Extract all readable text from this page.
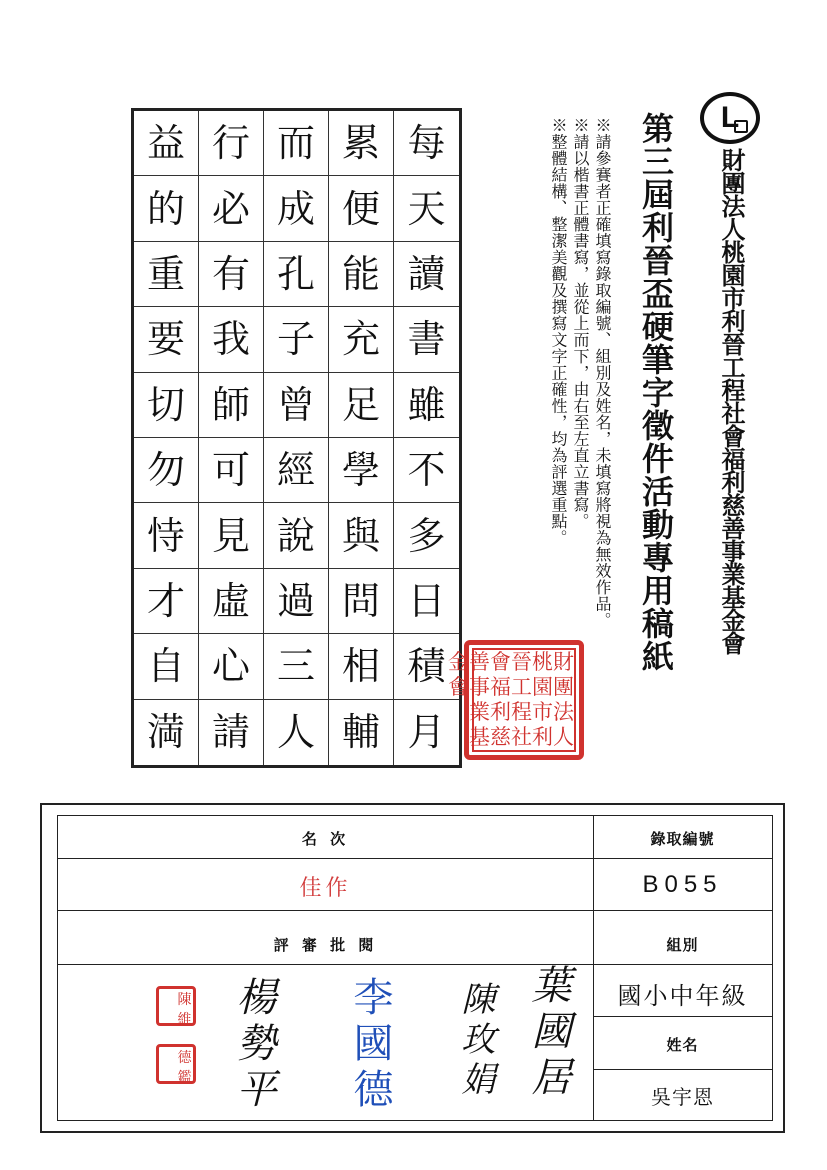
每
天
讀
書
雖
不
多
日
積
月
累
便
能
充
足
學
與
問
相
輔
而
成
孔
子
曾
經
說
過
三
人
行
必
有
我
師
可
見
虛
心
請
益
的
重
要
切
勿
恃
才
自
満
財
團
法
人
桃
園
市
利
晉
工
程
社
會
福
利
慈
善
事
業
基
金
會
※請參賽者正確填寫錄取編號、組別及姓名，未填寫將視為無效作品。
※請以楷書正體書寫，並從上而下，由右至左直立書寫。
※整體結構、整潔美觀及撰寫文字正確性，均為評選重點。 第三屆利晉盃硬筆字徵件活動專用稿紙 L
財團法人桃園市利晉工程社會福利慈善事業基金會
名 次
佳作
評 審 批 閱
錄取編號
B055
組別
國小中年級
姓名
吳宇恩
陳
維
德
鑑 楊勢平 李國德 陳玫娟 葉國居
